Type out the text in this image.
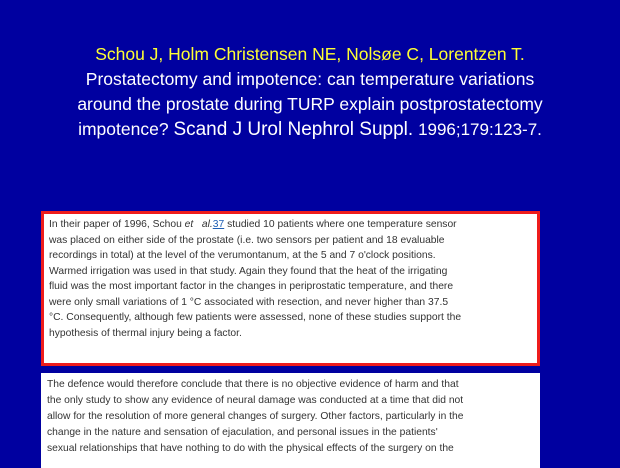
Schou J, Holm Christensen NE, Nolsøe C, Lorentzen T.
Prostatectomy and impotence: can temperature variations
around the prostate during TURP explain postprostatectomy
impotence? Scand J Urol Nephrol Suppl. 1996;179:123-7.
In their paper of 1996, Schou et al.37 studied 10 patients where one temperature sensor
was placed on either side of the prostate (i.e. two sensors per patient and 18 evaluable
recordings in total) at the level of the verumontanum, at the 5 and 7 o'clock positions.
Warmed irrigation was used in that study. Again they found that the heat of the irrigating
fluid was the most important factor in the changes in periprostatic temperature, and there
were only small variations of 1 °C associated with resection, and never higher than 37.5
°C. Consequently, although few patients were assessed, none of these studies support the
hypothesis of thermal injury being a factor.
The defence would therefore conclude that there is no objective evidence of harm and that
the only study to show any evidence of neural damage was conducted at a time that did not
allow for the resolution of more general changes of surgery. Other factors, particularly in the
change in the nature and sensation of ejaculation, and personal issues in the patients'
sexual relationships that have nothing to do with the physical effects of the surgery on the
